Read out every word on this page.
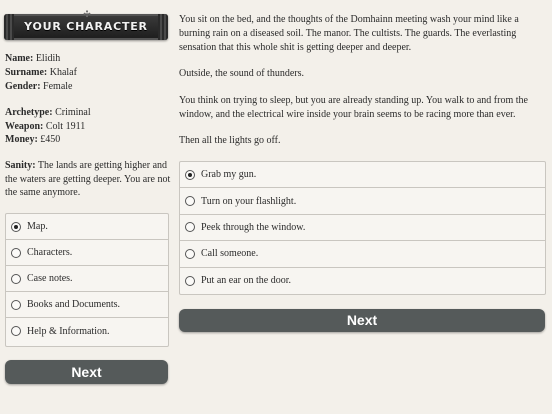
✣
YOUR CHARACTER
Name: Elidih
Surname: Khalaf
Gender: Female
Archetype: Criminal
Weapon: Colt 1911
Money: £450
Sanity: The lands are getting higher and the waters are getting deeper. You are not the same anymore.
Map.
Characters.
Case notes.
Books and Documents.
Help & Information.
Next
You sit on the bed, and the thoughts of the Domhainn meeting wash your mind like a burning rain on a diseased soil. The manor. The cultists. The guards. The everlasting sensation that this whole shit is getting deeper and deeper.
Outside, the sound of thunders.
You think on trying to sleep, but you are already standing up. You walk to and from the window, and the electrical wire inside your brain seems to be racing more than ever.
Then all the lights go off.
Grab my gun.
Turn on your flashlight.
Peek through the window.
Call someone.
Put an ear on the door.
Next
